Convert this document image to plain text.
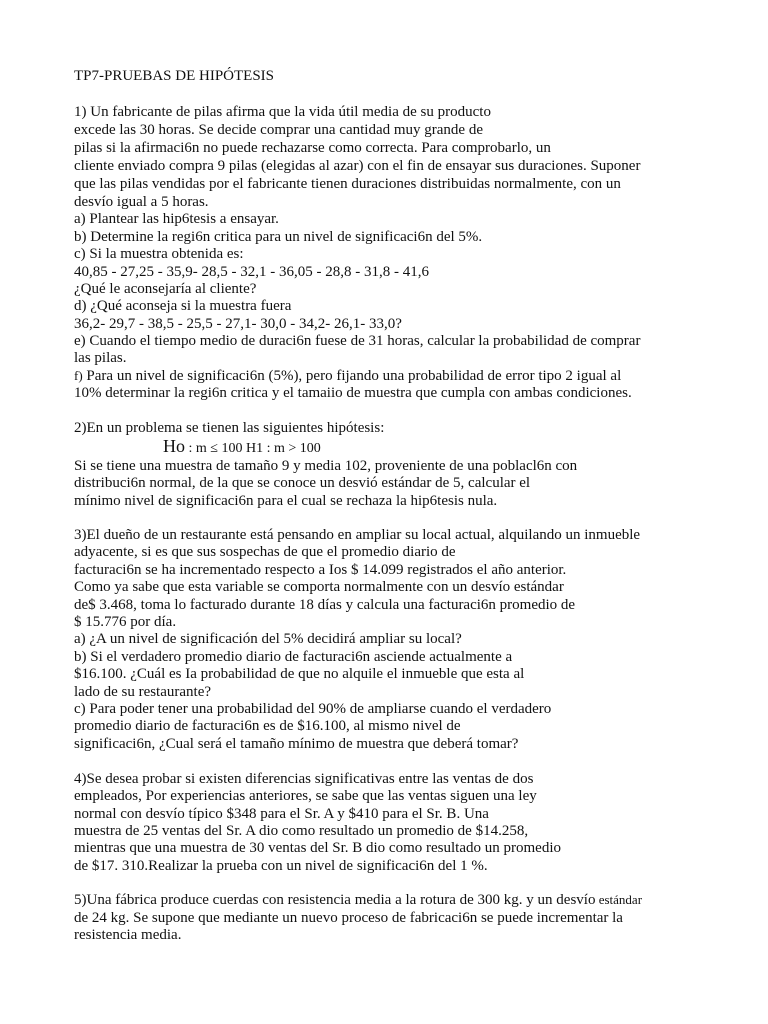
TP7-PRUEBAS DE HIPÓTESIS
1) Un fabricante de pilas afirma que la vida útil media de su producto
excede las 30 horas. Se decide comprar una cantidad muy grande de
pilas si la afirmaci6n no puede rechazarse como correcta. Para comprobarlo, un
cliente enviado compra 9 pilas (elegidas al azar) con el fin de ensayar sus duraciones. Suponer
que las pilas vendidas por el fabricante tienen duraciones distribuidas normalmente, con un
desvío igual a 5 horas.
a) Plantear las hip6tesis a ensayar.
b) Determine la regi6n critica para un nivel de significaci6n del 5%.
c) Si la muestra obtenida es:
40,85 - 27,25 - 35,9- 28,5 - 32,1 - 36,05 - 28,8 - 31,8 - 41,6
¿Qué le aconsejaría al cliente?
d) ¿Qué aconseja si la muestra fuera
36,2- 29,7 - 38,5 - 25,5 - 27,1- 30,0 - 34,2- 26,1- 33,0?
e) Cuando el tiempo medio de duraci6n fuese de 31 horas, calcular la probabilidad de comprar
las pilas.
f) Para un nivel de significaci6n (5%), pero fijando una probabilidad de error tipo 2 igual al
10% determinar la regi6n critica y el tamaiio de muestra que cumpla con ambas condiciones.
2)En un problema se tienen las siguientes hipótesis:
Ho : m ≤ 100 H1 : m > 100
Si se tiene una muestra de tamaño 9 y media 102, proveniente de una poblacl6n con
distribuci6n normal, de la que se conoce un desvió estándar de 5, calcular el
mínimo nivel de significaci6n para el cual se rechaza la hip6tesis nula.
3)El dueño de un restaurante está pensando en ampliar su local actual, alquilando un inmueble
adyacente, si es que sus sospechas de que el promedio diario de
facturaci6n se ha incrementado respecto a Ios $ 14.099 registrados el año anterior.
Como ya sabe que esta variable se comporta normalmente con un desvío estándar
de$ 3.468, toma lo facturado durante 18 días y calcula una facturaci6n promedio de
$ 15.776 por día.
a) ¿A un nivel de significación del 5% decidirá ampliar su local?
b) Si el verdadero promedio diario de facturaci6n asciende actualmente a
$16.100. ¿Cuál es Ia probabilidad de que no alquile el inmueble que esta al
lado de su restaurante?
c) Para poder tener una probabilidad del 90% de ampliarse cuando el verdadero
promedio diario de facturaci6n es de $16.100, al mismo nivel de
significaci6n, ¿Cual será el tamaño mínimo de muestra que deberá tomar?
4)Se desea probar si existen diferencias significativas entre las ventas de dos
empleados, Por experiencias anteriores, se sabe que las ventas siguen una ley
normal con desvío típico $348 para el Sr. A y $410 para el Sr. B. Una
muestra de 25 ventas del Sr. A dio como resultado un promedio de $14.258,
mientras que una muestra de 30 ventas del Sr. B dio como resultado un promedio
de $17. 310.Realizar la prueba con un nivel de significaci6n del 1 %.
5)Una fábrica produce cuerdas con resistencia media a la rotura de 300 kg. y un desvío estándar
de 24 kg. Se supone que mediante un nuevo proceso de fabricaci6n se puede incrementar la
resistencia media.
